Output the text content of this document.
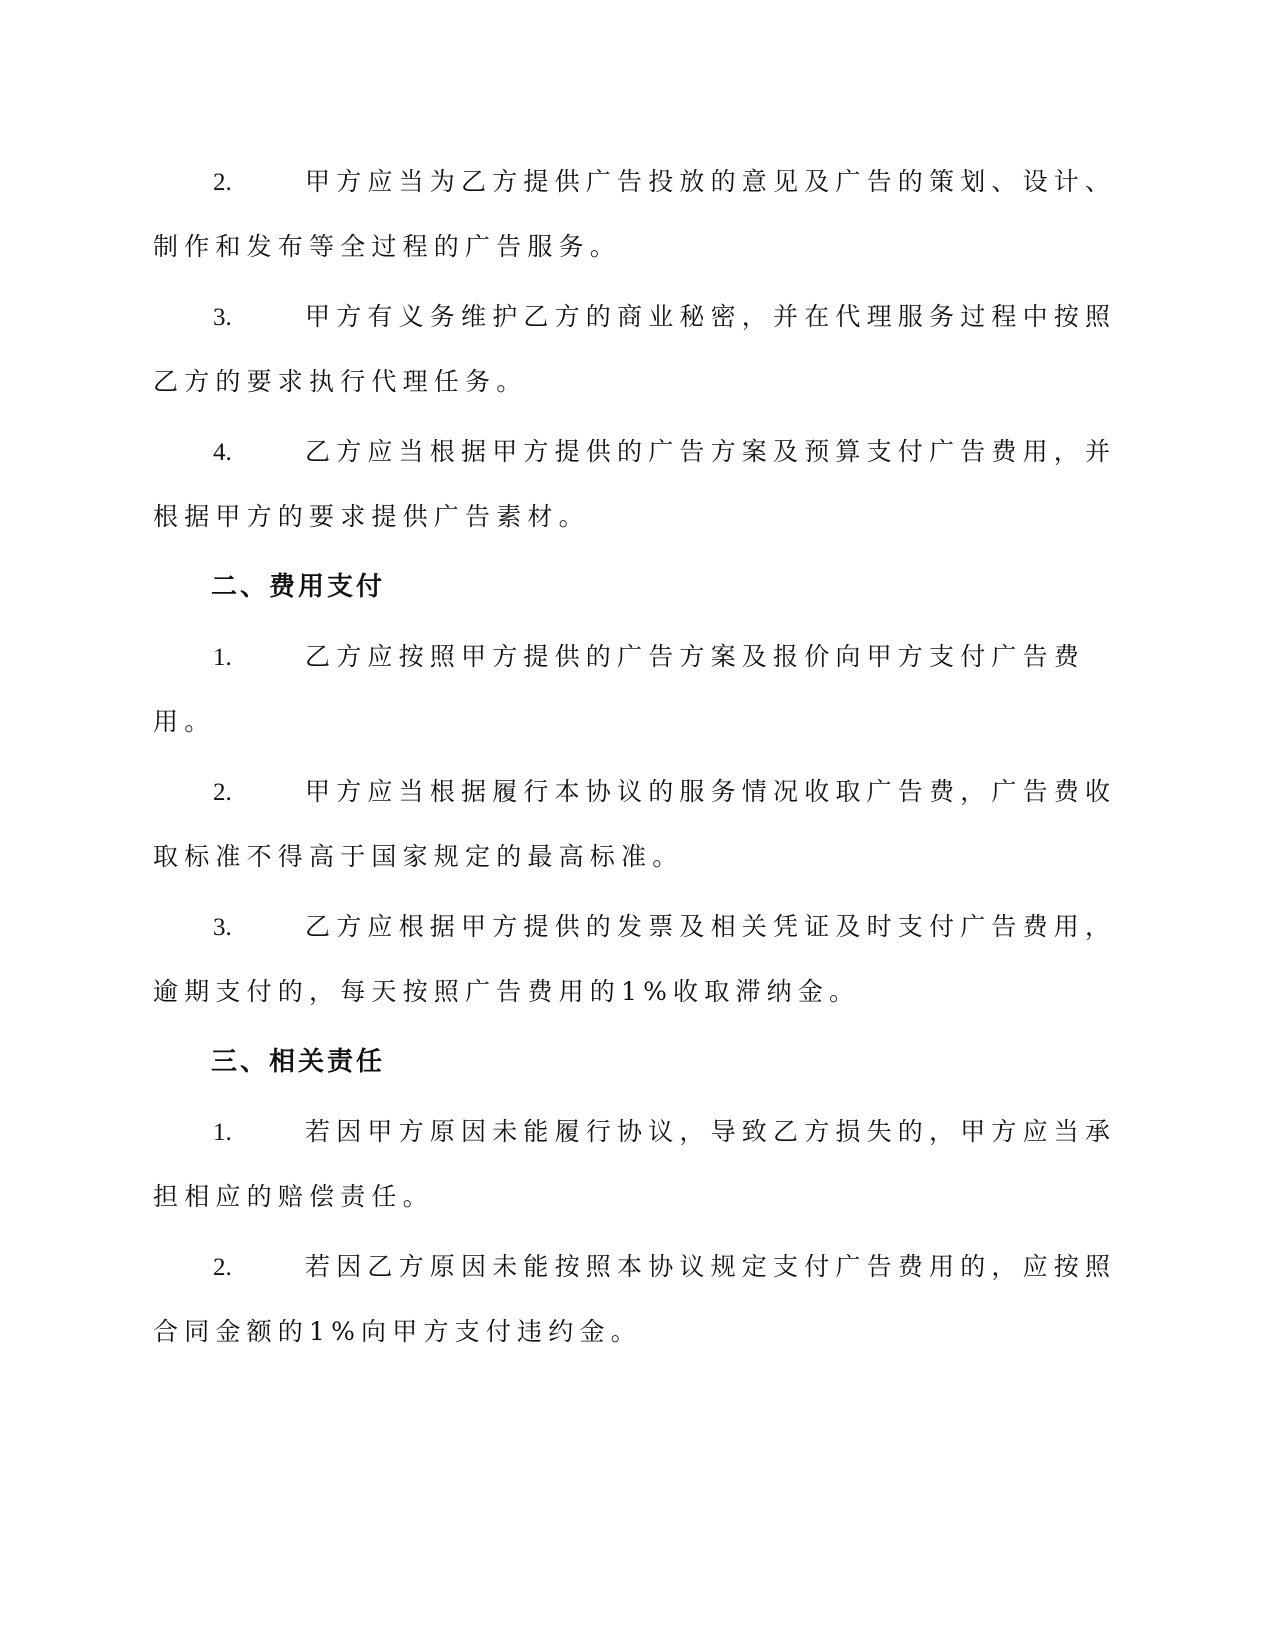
2.	甲方应当为乙方提供广告投放的意见及广告的策划、设计、制作和发布等全过程的广告服务。

3.	甲方有义务维护乙方的商业秘密，并在代理服务过程中按照乙方的要求执行代理任务。

4.	乙方应当根据甲方提供的广告方案及预算支付广告费用，并根据甲方的要求提供广告素材。

二、费用支付

1.	乙方应按照甲方提供的广告方案及报价向甲方支付广告费用。

2.	甲方应当根据履行本协议的服务情况收取广告费，广告费收取标准不得高于国家规定的最高标准。

3.	乙方应根据甲方提供的发票及相关凭证及时支付广告费用，逾期支付的，每天按照广告费用的1%收取滞纳金。

三、相关责任

1.	若因甲方原因未能履行协议，导致乙方损失的，甲方应当承担相应的赔偿责任。

2.	若因乙方原因未能按照本协议规定支付广告费用的，应按照合同金额的1%向甲方支付违约金。
